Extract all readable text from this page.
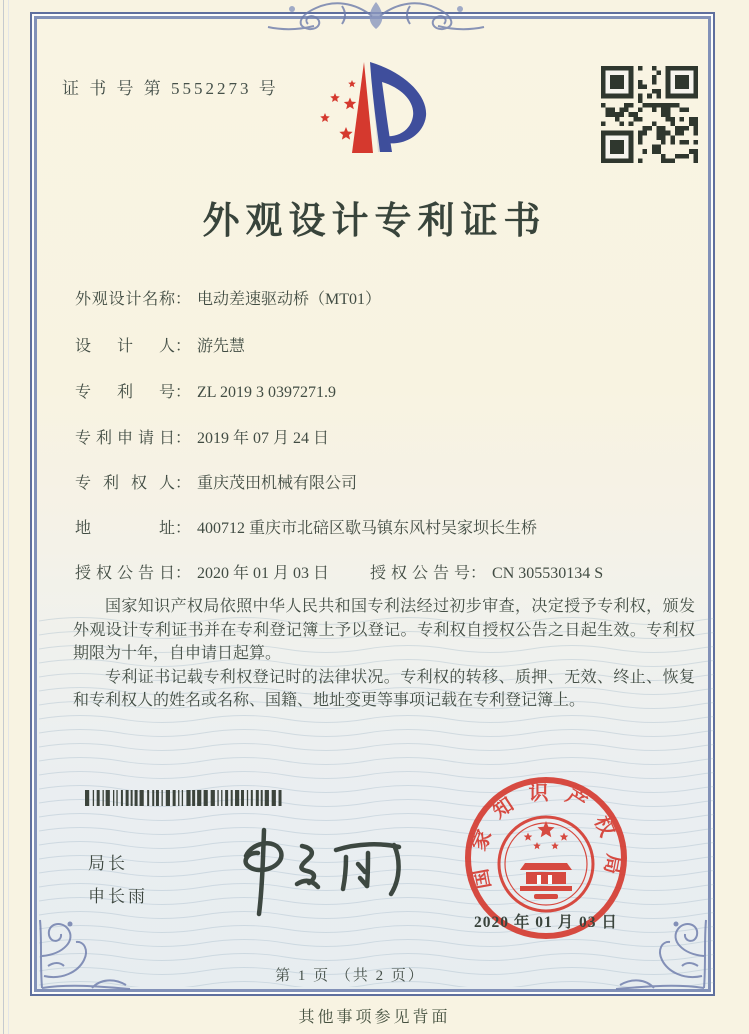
证 书 号 第 5552273 号
外观设计专利证书
外观设计名称： 电动差速驱动桥（MT01）
设计人： 游先慧
专利号： ZL 2019 3 0397271.9
专利申请日： 2019 年 07 月 24 日
专利权人： 重庆茂田机械有限公司
地址： 400712 重庆市北碚区歇马镇东风村吴家坝长生桥
授权公告日： 2020 年 01 月 03 日	授权公告号： CN 305530134 S

国家知识产权局依照中华人民共和国专利法经过初步审查，决定授予专利权，颁发外观设计专利证书并在专利登记簿上予以登记。专利权自授权公告之日起生效。专利权期限为十年，自申请日起算。

专利证书记载专利权登记时的法律状况。专利权的转移、质押、无效、终止、恢复和专利权人的姓名或名称、国籍、地址变更等事项记载在专利登记簿上。

局长
申长雨
国家知识产权局
2020 年 01 月 03 日
第 1 页 （共 2 页）
其他事项参见背面
